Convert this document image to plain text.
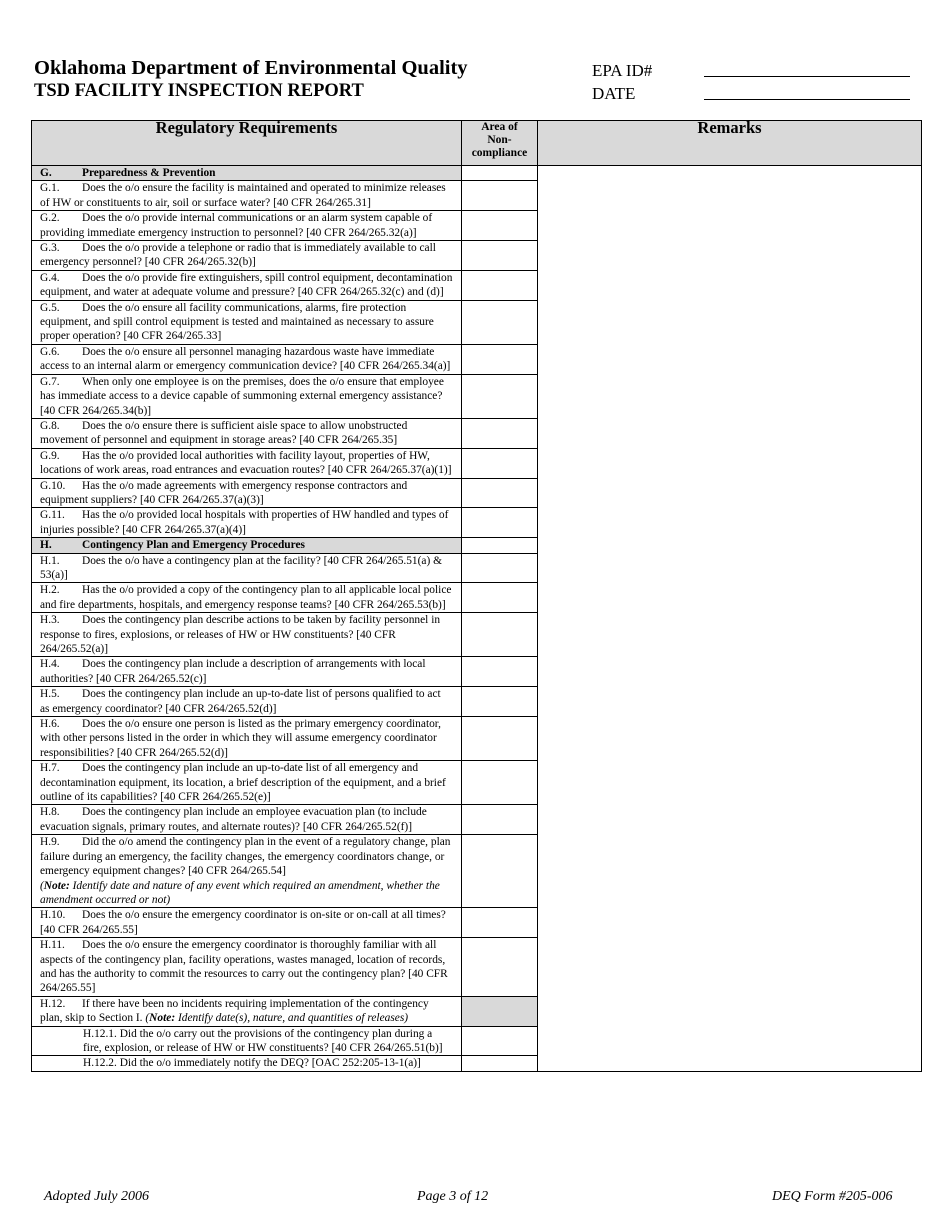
Oklahoma Department of Environmental Quality
TSD FACILITY INSPECTION REPORT
EPA ID#
DATE
Regulatory Requirements	Area of Non-compliance	Remarks
G. Preparedness & Prevention		
G.1. Does the o/o ensure the facility is maintained and operated to minimize releases of HW or constituents to air, soil or surface water? [40 CFR 264/265.31]		
G.2. Does the o/o provide internal communications or an alarm system capable of providing immediate emergency instruction to personnel? [40 CFR 264/265.32(a)]		
G.3. Does the o/o provide a telephone or radio that is immediately available to call emergency personnel? [40 CFR 264/265.32(b)]		
G.4. Does the o/o provide fire extinguishers, spill control equipment, decontamination equipment, and water at adequate volume and pressure? [40 CFR 264/265.32(c) and (d)]		
G.5. Does the o/o ensure all facility communications, alarms, fire protection equipment, and spill control equipment is tested and maintained as necessary to assure proper operation? [40 CFR 264/265.33]		
G.6. Does the o/o ensure all personnel managing hazardous waste have immediate access to an internal alarm or emergency communication device? [40 CFR 264/265.34(a)]		
G.7. When only one employee is on the premises, does the o/o ensure that employee has immediate access to a device capable of summoning external emergency assistance? [40 CFR 264/265.34(b)]		
G.8. Does the o/o ensure there is sufficient aisle space to allow unobstructed movement of personnel and equipment in storage areas? [40 CFR 264/265.35]		
G.9. Has the o/o provided local authorities with facility layout, properties of HW, locations of work areas, road entrances and evacuation routes? [40 CFR 264/265.37(a)(1)]		
G.10. Has the o/o made agreements with emergency response contractors and equipment suppliers? [40 CFR 264/265.37(a)(3)]		
G.11. Has the o/o provided local hospitals with properties of HW handled and types of injuries possible? [40 CFR 264/265.37(a)(4)]		
H. Contingency Plan and Emergency Procedures		
H.1. Does the o/o have a contingency plan at the facility? [40 CFR 264/265.51(a) & 53(a)]		
H.2. Has the o/o provided a copy of the contingency plan to all applicable local police and fire departments, hospitals, and emergency response teams? [40 CFR 264/265.53(b)]		
H.3. Does the contingency plan describe actions to be taken by facility personnel in response to fires, explosions, or releases of HW or HW constituents? [40 CFR 264/265.52(a)]		
H.4. Does the contingency plan include a description of arrangements with local authorities? [40 CFR 264/265.52(c)]		
H.5. Does the contingency plan include an up-to-date list of persons qualified to act as emergency coordinator? [40 CFR 264/265.52(d)]		
H.6. Does the o/o ensure one person is listed as the primary emergency coordinator, with other persons listed in the order in which they will assume emergency coordinator responsibilities? [40 CFR 264/265.52(d)]		
H.7. Does the contingency plan include an up-to-date list of all emergency and decontamination equipment, its location, a brief description of the equipment, and a brief outline of its capabilities? [40 CFR 264/265.52(e)]		
H.8. Does the contingency plan include an employee evacuation plan (to include evacuation signals, primary routes, and alternate routes)? [40 CFR 264/265.52(f)]		
H.9. Did the o/o amend the contingency plan in the event of a regulatory change, plan failure during an emergency, the facility changes, the emergency coordinators change, or emergency equipment changes? [40 CFR 264/265.54]
(Note: Identify date and nature of any event which required an amendment, whether the amendment occurred or not)		
H.10. Does the o/o ensure the emergency coordinator is on-site or on-call at all times? [40 CFR 264/265.55]		
H.11. Does the o/o ensure the emergency coordinator is thoroughly familiar with all aspects of the contingency plan, facility operations, wastes managed, location of records, and has the authority to commit the resources to carry out the contingency plan? [40 CFR 264/265.55]		
H.12. If there have been no incidents requiring implementation of the contingency plan, skip to Section I. (Note: Identify date(s), nature, and quantities of releases)		
H.12.1. Did the o/o carry out the provisions of the contingency plan during a fire, explosion, or release of HW or HW constituents? [40 CFR 264/265.51(b)]		
H.12.2. Did the o/o immediately notify the DEQ? [OAC 252:205-13-1(a)]		
Adopted July 2006	Page 3 of 12	DEQ Form #205-006
